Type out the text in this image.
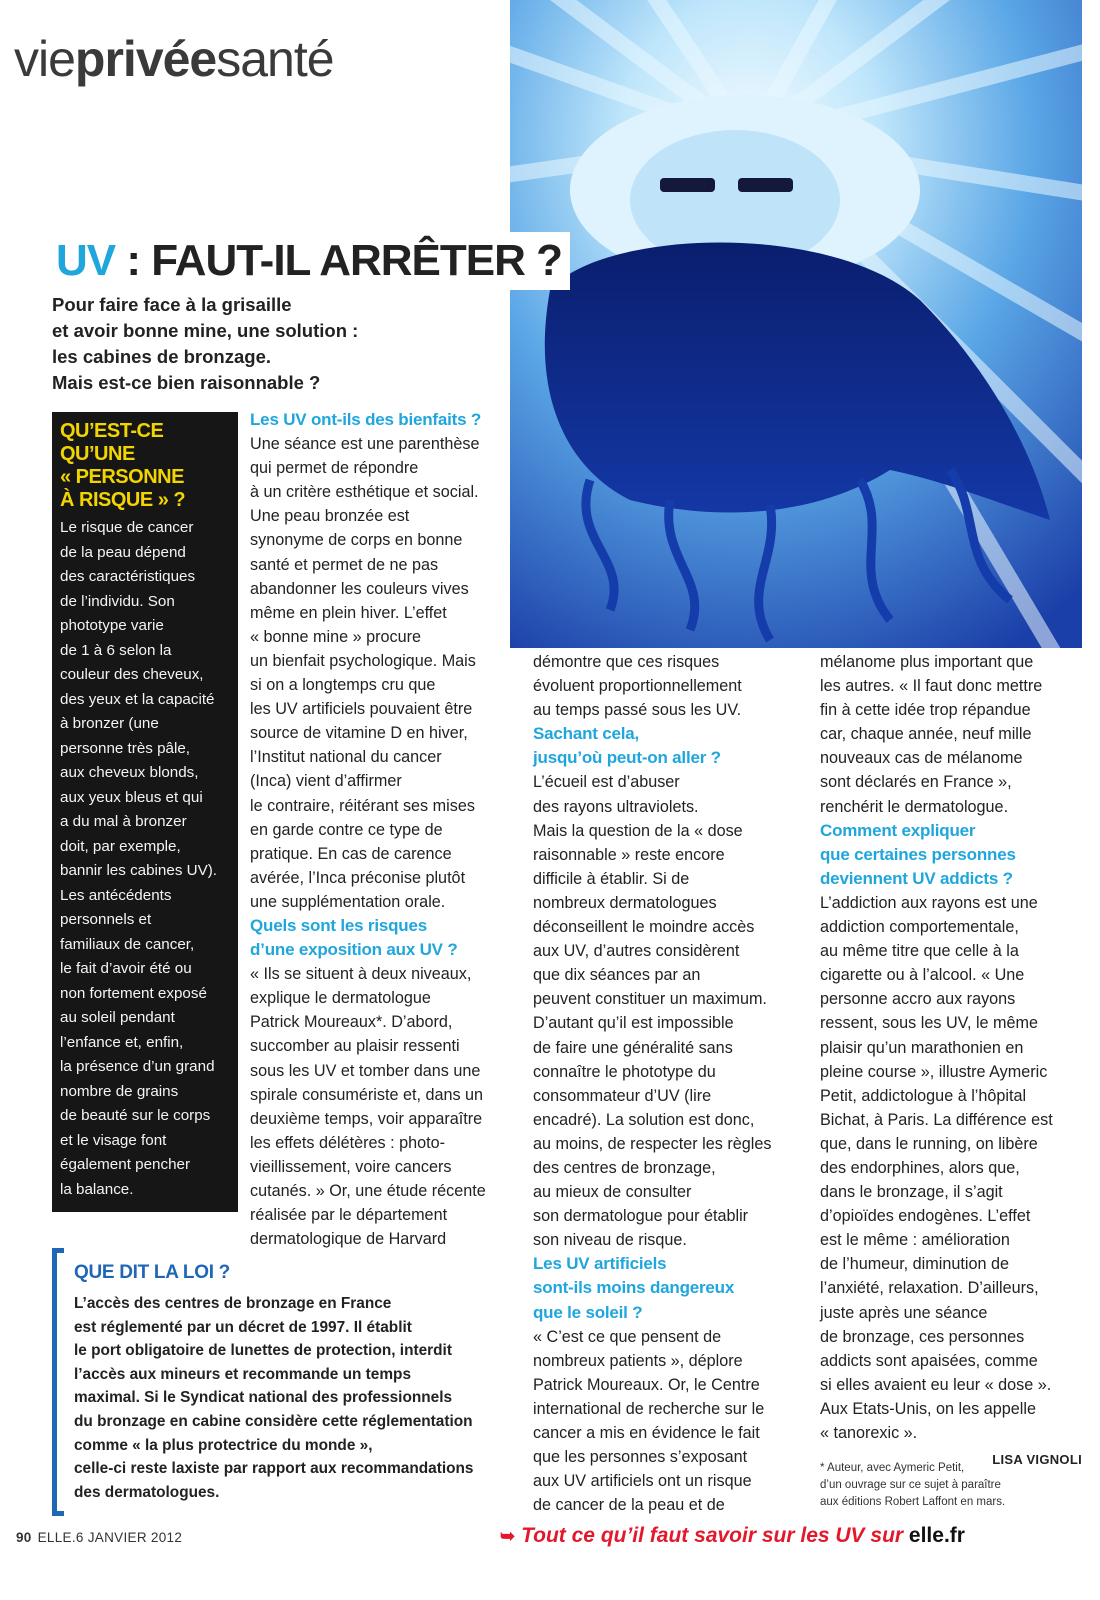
vieprivéesanté
UV : FAUT-IL ARRÊTER ?
Pour faire face à la grisaille
et avoir bonne mine, une solution :
les cabines de bronzage.
Mais est-ce bien raisonnable ?
QU’EST-CE
QU’UNE
« PERSONNE
À RISQUE » ?
Le risque de cancer
de la peau dépend
des caractéristiques
de l’individu. Son
phototype varie
de 1 à 6 selon la
couleur des cheveux,
des yeux et la capacité
à bronzer (une
personne très pâle,
aux cheveux blonds,
aux yeux bleus et qui
a du mal à bronzer
doit, par exemple,
bannir les cabines UV).
Les antécédents
personnels et
familiaux de cancer,
le fait d’avoir été ou
non fortement exposé
au soleil pendant
l’enfance et, enfin,
la présence d’un grand
nombre de grains
de beauté sur le corps
et le visage font
également pencher
la balance.
Les UV ont-ils des bienfaits ?
Une séance est une parenthèse
qui permet de répondre
à un critère esthétique et social.
Une peau bronzée est
synonyme de corps en bonne
santé et permet de ne pas
abandonner les couleurs vives
même en plein hiver. L’effet
« bonne mine » procure
un bienfait psychologique. Mais
si on a longtemps cru que
les UV artificiels pouvaient être
source de vitamine D en hiver,
l’Institut national du cancer
(Inca) vient d’affirmer
le contraire, réitérant ses mises
en garde contre ce type de
pratique. En cas de carence
avérée, l’Inca préconise plutôt
une supplémentation orale.
Quels sont les risques
d’une exposition aux UV ?
« Ils se situent à deux niveaux,
explique le dermatologue
Patrick Moureaux*. D’abord,
succomber au plaisir ressenti
sous les UV et tomber dans une
spirale consumériste et, dans un
deuxième temps, voir apparaître
les effets délétères : photo-
vieillissement, voire cancers
cutanés. » Or, une étude récente
réalisée par le département
dermatologique de Harvard
démontre que ces risques
évoluent proportionnellement
au temps passé sous les UV.
Sachant cela,
jusqu’où peut-on aller ?
L’écueil est d’abuser
des rayons ultraviolets.
Mais la question de la « dose
raisonnable » reste encore
difficile à établir. Si de
nombreux dermatologues
déconseillent le moindre accès
aux UV, d’autres considèrent
que dix séances par an
peuvent constituer un maximum.
D’autant qu’il est impossible
de faire une généralité sans
connaître le phototype du
consommateur d’UV (lire
encadré). La solution est donc,
au moins, de respecter les règles
des centres de bronzage,
au mieux de consulter
son dermatologue pour établir
son niveau de risque.
Les UV artificiels
sont-ils moins dangereux
que le soleil ?
« C’est ce que pensent de
nombreux patients », déplore
Patrick Moureaux. Or, le Centre
international de recherche sur le
cancer a mis en évidence le fait
que les personnes s’exposant
aux UV artificiels ont un risque
de cancer de la peau et de
mélanome plus important que
les autres. « Il faut donc mettre
fin à cette idée trop répandue
car, chaque année, neuf mille
nouveaux cas de mélanome
sont déclarés en France »,
renchérit le dermatologue.
Comment expliquer
que certaines personnes
deviennent UV addicts ?
L’addiction aux rayons est une
addiction comportementale,
au même titre que celle à la
cigarette ou à l’alcool. « Une
personne accro aux rayons
ressent, sous les UV, le même
plaisir qu’un marathonien en
pleine course », illustre Aymeric
Petit, addictologue à l’hôpital
Bichat, à Paris. La différence est
que, dans le running, on libère
des endorphines, alors que,
dans le bronzage, il s’agit
d’opioïdes endogènes. L’effet
est le même : amélioration
de l’humeur, diminution de
l’anxiété, relaxation. D’ailleurs,
juste après une séance
de bronzage, ces personnes
addicts sont apaisées, comme
si elles avaient eu leur « dose ».
Aux Etats-Unis, on les appelle
« tanorexic ».
LISA VIGNOLI
* Auteur, avec Aymeric Petit,
d’un ouvrage sur ce sujet à paraître
aux éditions Robert Laffont en mars.
QUE DIT LA LOI ?
L’accès des centres de bronzage en France
est réglementé par un décret de 1997. Il établit
le port obligatoire de lunettes de protection, interdit
l’accès aux mineurs et recommande un temps
maximal. Si le Syndicat national des professionnels
du bronzage en cabine considère cette réglementation
comme « la plus protectrice du monde »,
celle-ci reste laxiste par rapport aux recommandations
des dermatologues.
90 ELLE.6 JANVIER 2012	➥ Tout ce qu’il faut savoir sur les UV sur elle.fr
